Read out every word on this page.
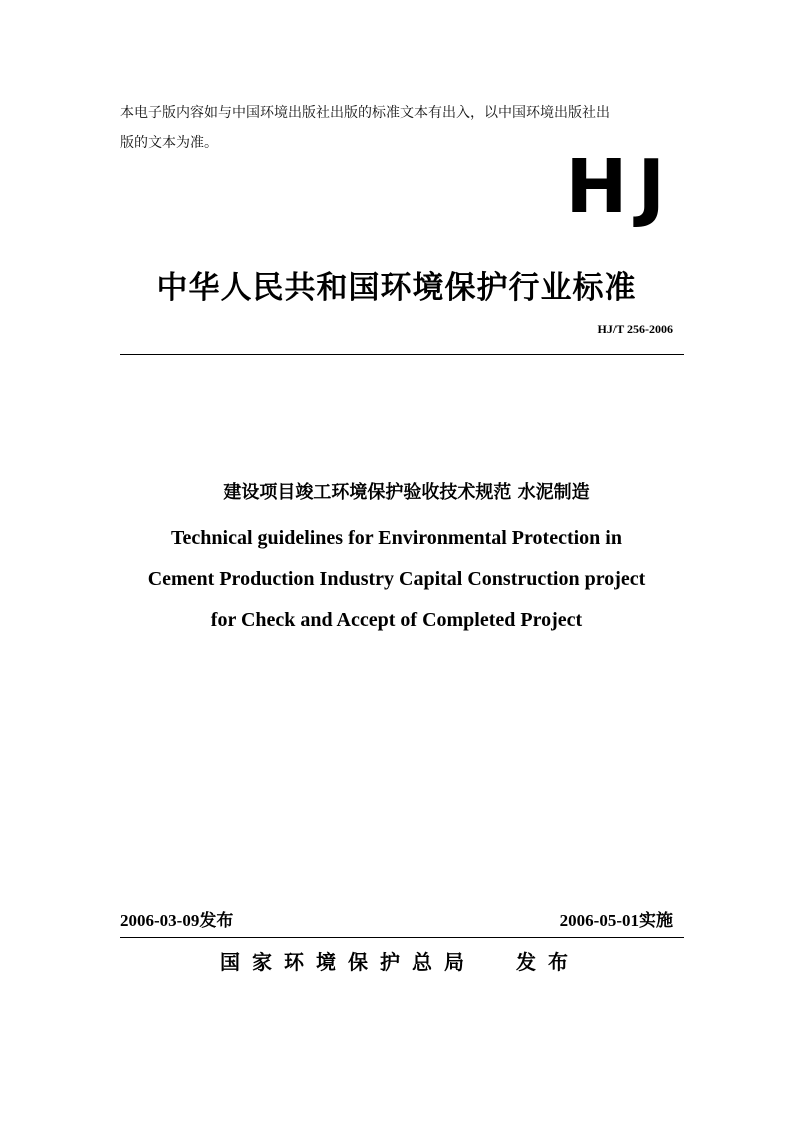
本电子版内容如与中国环境出版社出版的标准文本有出入，以中国环境出版社出
版的文本为准。
HJ
中华人民共和国环境保护行业标准
HJ/T 256-2006
建设项目竣工环境保护验收技术规范 水泥制造
Technical guidelines for Environmental Protection in
Cement Production Industry Capital Construction project
for Check and Accept of Completed Project
2006-03-09发布	2006-05-01实施
国家环境保护总局 发布
